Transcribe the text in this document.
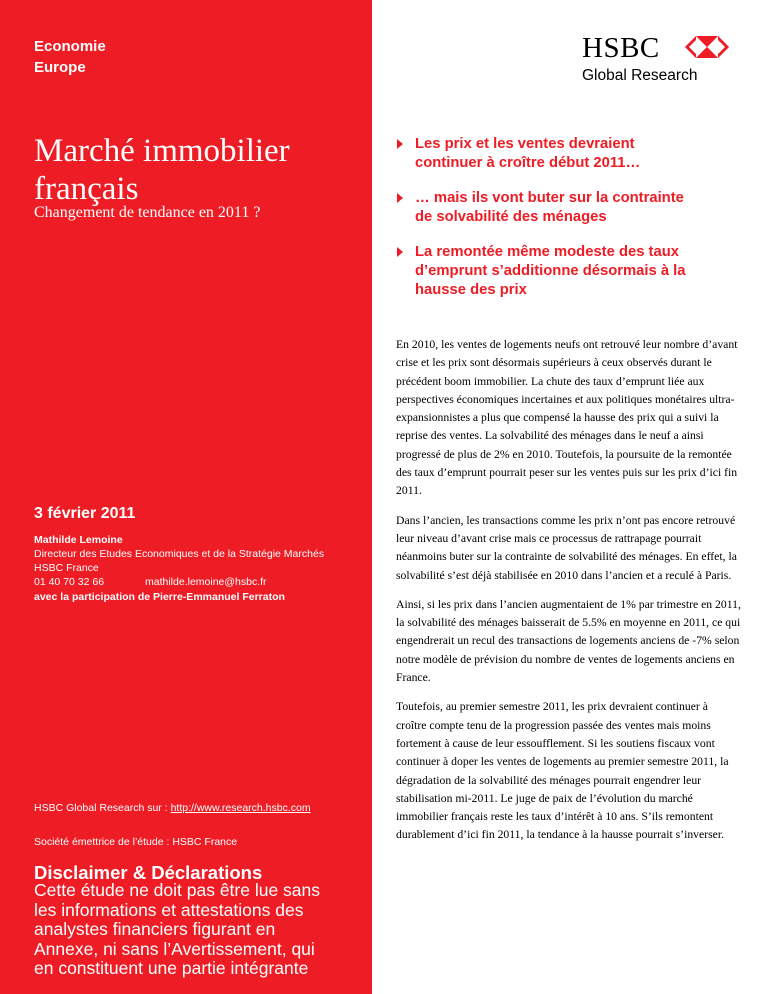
Economie
Europe
Marché immobilier
français
Changement de tendance en 2011 ?
3 février 2011
Mathilde Lemoine
Directeur des Etudes Economiques et de la Stratégie Marchés
HSBC France
01 40 70 32 66	mathilde.lemoine@hsbc.fr
avec la participation de Pierre-Emmanuel Ferraton
HSBC Global Research sur : http://www.research.hsbc.com
Société émettrice de l’étude : HSBC France
Disclaimer & Déclarations
Cette étude ne doit pas être lue sans
les informations et attestations des
analystes financiers figurant en
Annexe, ni sans l’Avertissement, qui
en constituent une partie intégrante
HSBC
Global Research
Les prix et les ventes devraient
continuer à croître début 2011…
… mais ils vont buter sur la contrainte
de solvabilité des ménages
La remontée même modeste des taux
d’emprunt s’additionne désormais à la
hausse des prix

En 2010, les ventes de logements neufs ont retrouvé leur nombre d’avant crise et les prix sont désormais supérieurs à ceux observés durant le précédent boom immobilier. La chute des taux d’emprunt liée aux perspectives économiques incertaines et aux politiques monétaires ultra-expansionnistes a plus que compensé la hausse des prix qui a suivi la reprise des ventes. La solvabilité des ménages dans le neuf a ainsi progressé de plus de 2% en 2010. Toutefois, la poursuite de la remontée des taux d’emprunt pourrait peser sur les ventes puis sur les prix d’ici fin 2011.

Dans l’ancien, les transactions comme les prix n’ont pas encore retrouvé leur niveau d’avant crise mais ce processus de rattrapage pourrait néanmoins buter sur la contrainte de solvabilité des ménages. En effet, la solvabilité s’est déjà stabilisée en 2010 dans l’ancien et a reculé à Paris.

Ainsi, si les prix dans l’ancien augmentaient de 1% par trimestre en 2011, la solvabilité des ménages baisserait de 5.5% en moyenne en 2011, ce qui engendrerait un recul des transactions de logements anciens de -7% selon notre modèle de prévision du nombre de ventes de logements anciens en France.

Toutefois, au premier semestre 2011, les prix devraient continuer à croître compte tenu de la progression passée des ventes mais moins fortement à cause de leur essoufflement. Si les soutiens fiscaux vont continuer à doper les ventes de logements au premier semestre 2011, la dégradation de la solvabilité des ménages pourrait engendrer leur stabilisation mi-2011. Le juge de paix de l’évolution du marché immobilier français reste les taux d’intérêt à 10 ans. S’ils remontent durablement d’ici fin 2011, la tendance à la hausse pourrait s’inverser.
